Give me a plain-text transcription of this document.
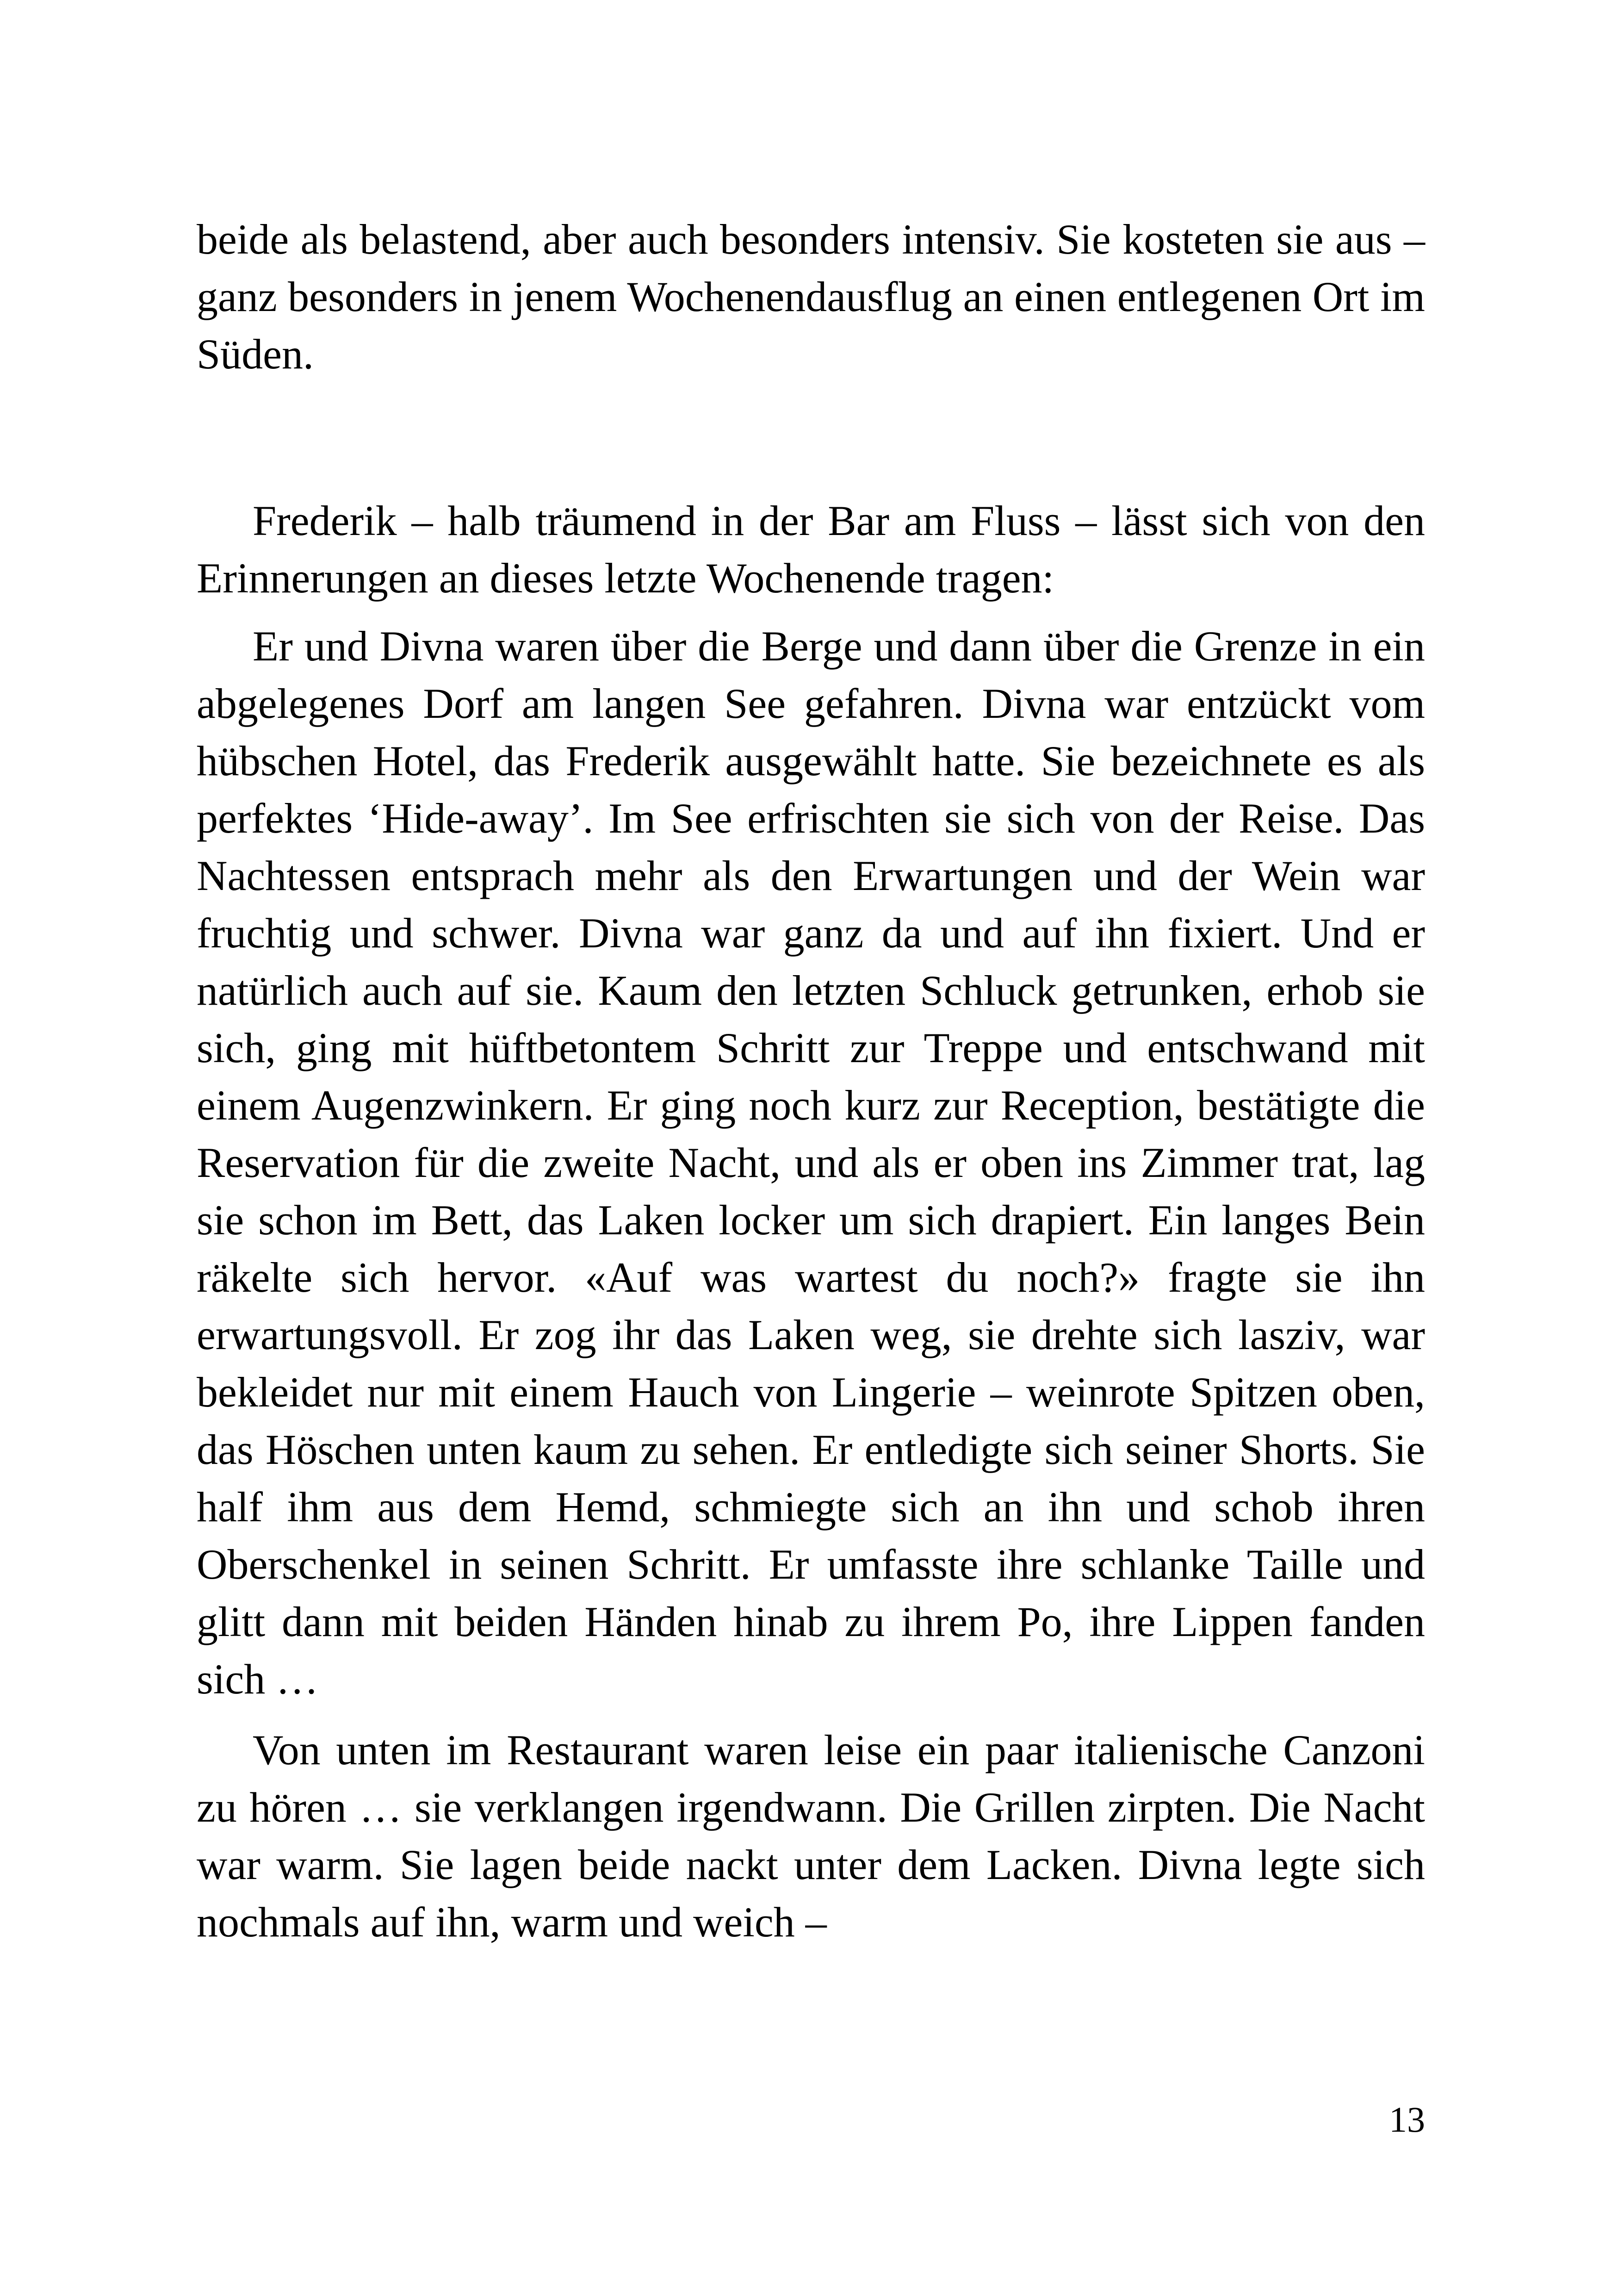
beide als belastend, aber auch besonders intensiv. Sie kosteten sie aus – ganz besonders in jenem Wochenendausflug an einen entlegenen Ort im Süden.

Frederik – halb träumend in der Bar am Fluss – lässt sich von den Erinnerungen an dieses letzte Wochenende tragen:

Er und Divna waren über die Berge und dann über die Grenze in ein abgelegenes Dorf am langen See gefahren. Divna war entzückt vom hübschen Hotel, das Frederik ausgewählt hatte. Sie bezeichnete es als perfektes ‘Hide-away’. Im See erfrischten sie sich von der Reise. Das Nachtessen entsprach mehr als den Erwartungen und der Wein war fruchtig und schwer. Divna war ganz da und auf ihn fixiert. Und er natürlich auch auf sie. Kaum den letzten Schluck getrunken, erhob sie sich, ging mit hüftbetontem Schritt zur Treppe und entschwand mit einem Augenzwinkern. Er ging noch kurz zur Reception, bestätigte die Reservation für die zweite Nacht, und als er oben ins Zimmer trat, lag sie schon im Bett, das Laken locker um sich drapiert. Ein langes Bein räkelte sich hervor. «Auf was wartest du noch?» fragte sie ihn erwartungsvoll. Er zog ihr das Laken weg, sie drehte sich lasziv, war bekleidet nur mit einem Hauch von Lingerie – weinrote Spitzen oben, das Höschen unten kaum zu sehen. Er entledigte sich seiner Shorts. Sie half ihm aus dem Hemd, schmiegte sich an ihn und schob ihren Oberschenkel in seinen Schritt. Er umfasste ihre schlanke Taille und glitt dann mit beiden Händen hinab zu ihrem Po, ihre Lippen fanden sich …

Von unten im Restaurant waren leise ein paar italienische Canzoni zu hören … sie verklangen irgendwann. Die Grillen zirpten. Die Nacht war warm. Sie lagen beide nackt unter dem Lacken. Divna legte sich nochmals auf ihn, warm und weich –

13
